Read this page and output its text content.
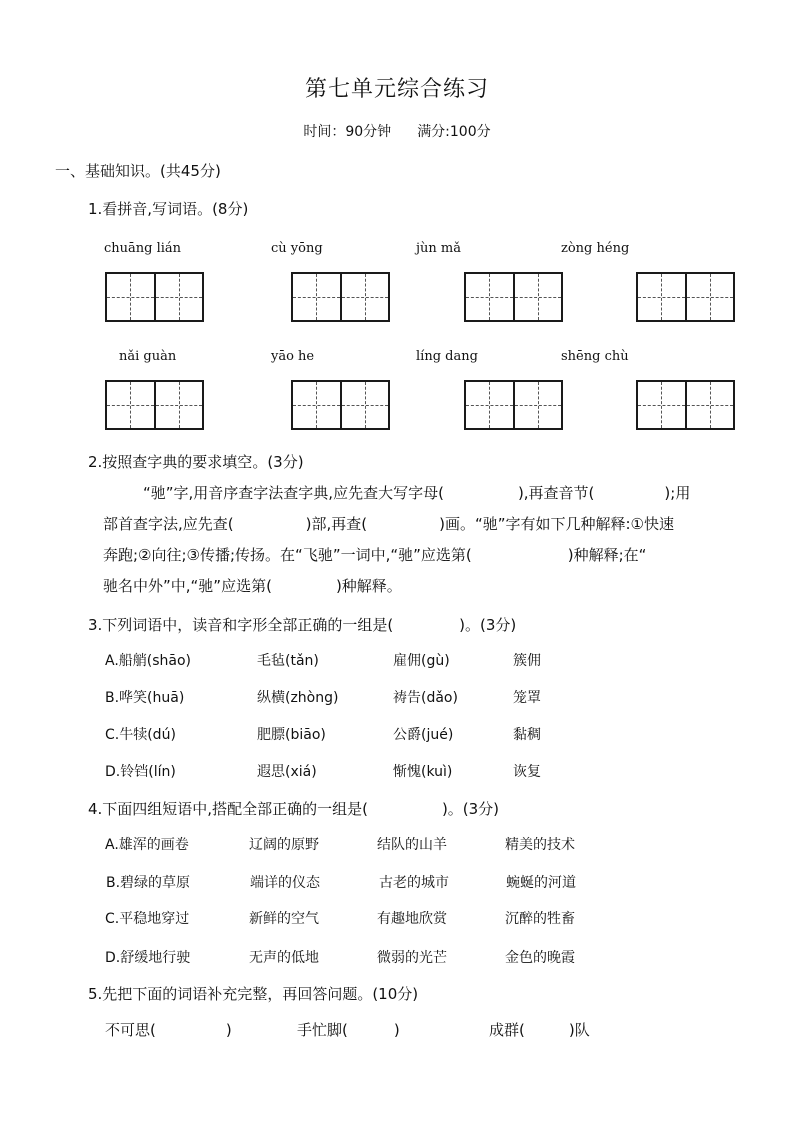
第七单元综合练习
时间：90分钟 满分:100分
一、基础知识。(共45分)
1.看拼音,写词语。(8分)
chuāng lián	cù yōng	jùn mǎ	zòng héng
nǎi guàn	yāo he	líng dang	shēng chù
2.按照查字典的要求填空。(3分)
“驰”字,用音序查字法查字典,应先查大写字母(	),再查音节(	);用
部首查字法,应先查(	)部,再查(	)画。“驰”字有如下几种解释:①快速
奔跑;②向往;③传播;传扬。在“飞驰”一词中,“驰”应选第(	)种解释;在“
驰名中外”中,“驰”应选第(	)种解释。
3.下列词语中，读音和字形全部正确的一组是(	)。(3分)
A.船艄(shāo)	毛毡(tǎn)	雇佣(gù)	簇佣
B.哗笑(huā)	纵横(zhòng)	祷告(dǎo)	笼罩
C.牛犊(dú)	肥膘(biāo)	公爵(jué)	黏稠
D.铃铛(lín)	遐思(xiá)	惭愧(kuì)	诙复
4.下面四组短语中,搭配全部正确的一组是(	)。(3分)
A.雄浑的画卷	辽阔的原野	结队的山羊	精美的技术
B.碧绿的草原	端详的仪态	古老的城市	蜿蜒的河道
C.平稳地穿过	新鲜的空气	有趣地欣赏	沉醉的牲畜
D.舒缓地行驶	无声的低地	微弱的光芒	金色的晚霞
5.先把下面的词语补充完整，再回答问题。(10分)
不可思(	)	手忙脚(	)	成群(	)队
